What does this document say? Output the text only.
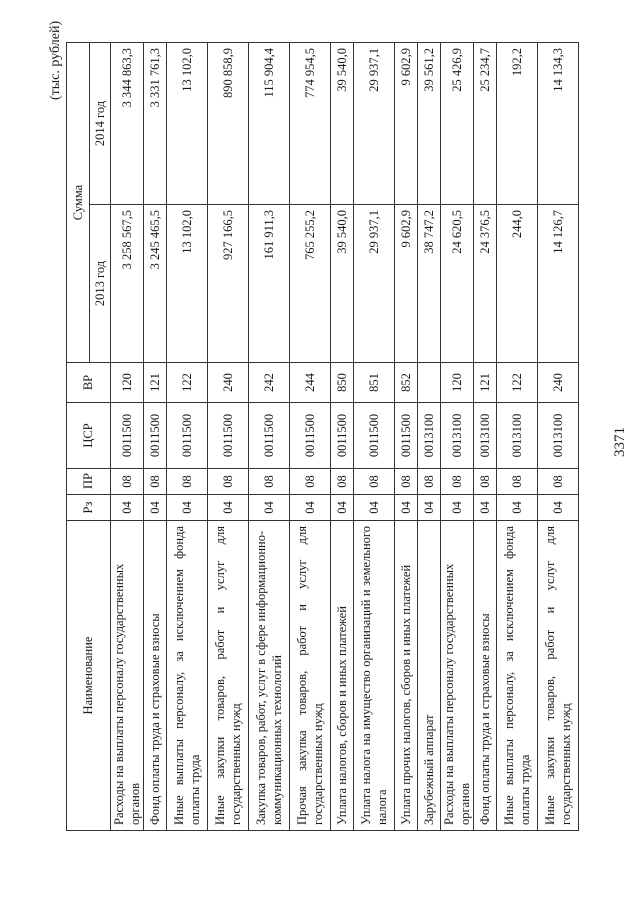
3371
(тыс. рублей)
Наименование	Рз	ПР	ЦСР	ВР	Сумма	
					2013 год	2014 год
Расходы на выплаты персоналу государственных органов	04	08	0011500	120	3 258 567,5	3 344 863,3
Фонд оплаты труда и страховые взносы	04	08	0011500	121	3 245 465,5	3 331 761,3
Иные выплаты персоналу, за исключением фонда оплаты труда	04	08	0011500	122	13 102,0	13 102,0
Иные закупки товаров, работ и услуг для государственных нужд	04	08	0011500	240	927 166,5	890 858,9
Закупка товаров, работ, услуг в сфере информационно-коммуникационных технологий	04	08	0011500	242	161 911,3	115 904,4
Прочая закупка товаров, работ и услуг для государственных нужд	04	08	0011500	244	765 255,2	774 954,5
Уплата налогов, сборов и иных платежей	04	08	0011500	850	39 540,0	39 540,0
Уплата налога на имущество организаций и земельного налога	04	08	0011500	851	29 937,1	29 937,1
Уплата прочих налогов, сборов и иных платежей	04	08	0011500	852	9 602,9	9 602,9
Зарубежный аппарат	04	08	0013100		38 747,2	39 561,2
Расходы на выплаты персоналу государственных органов	04	08	0013100	120	24 620,5	25 426,9
Фонд оплаты труда и страховые взносы	04	08	0013100	121	24 376,5	25 234,7
Иные выплаты персоналу, за исключением фонда оплаты труда	04	08	0013100	122	244,0	192,2
Иные закупки товаров, работ и услуг для государственных нужд	04	08	0013100	240	14 126,7	14 134,3
